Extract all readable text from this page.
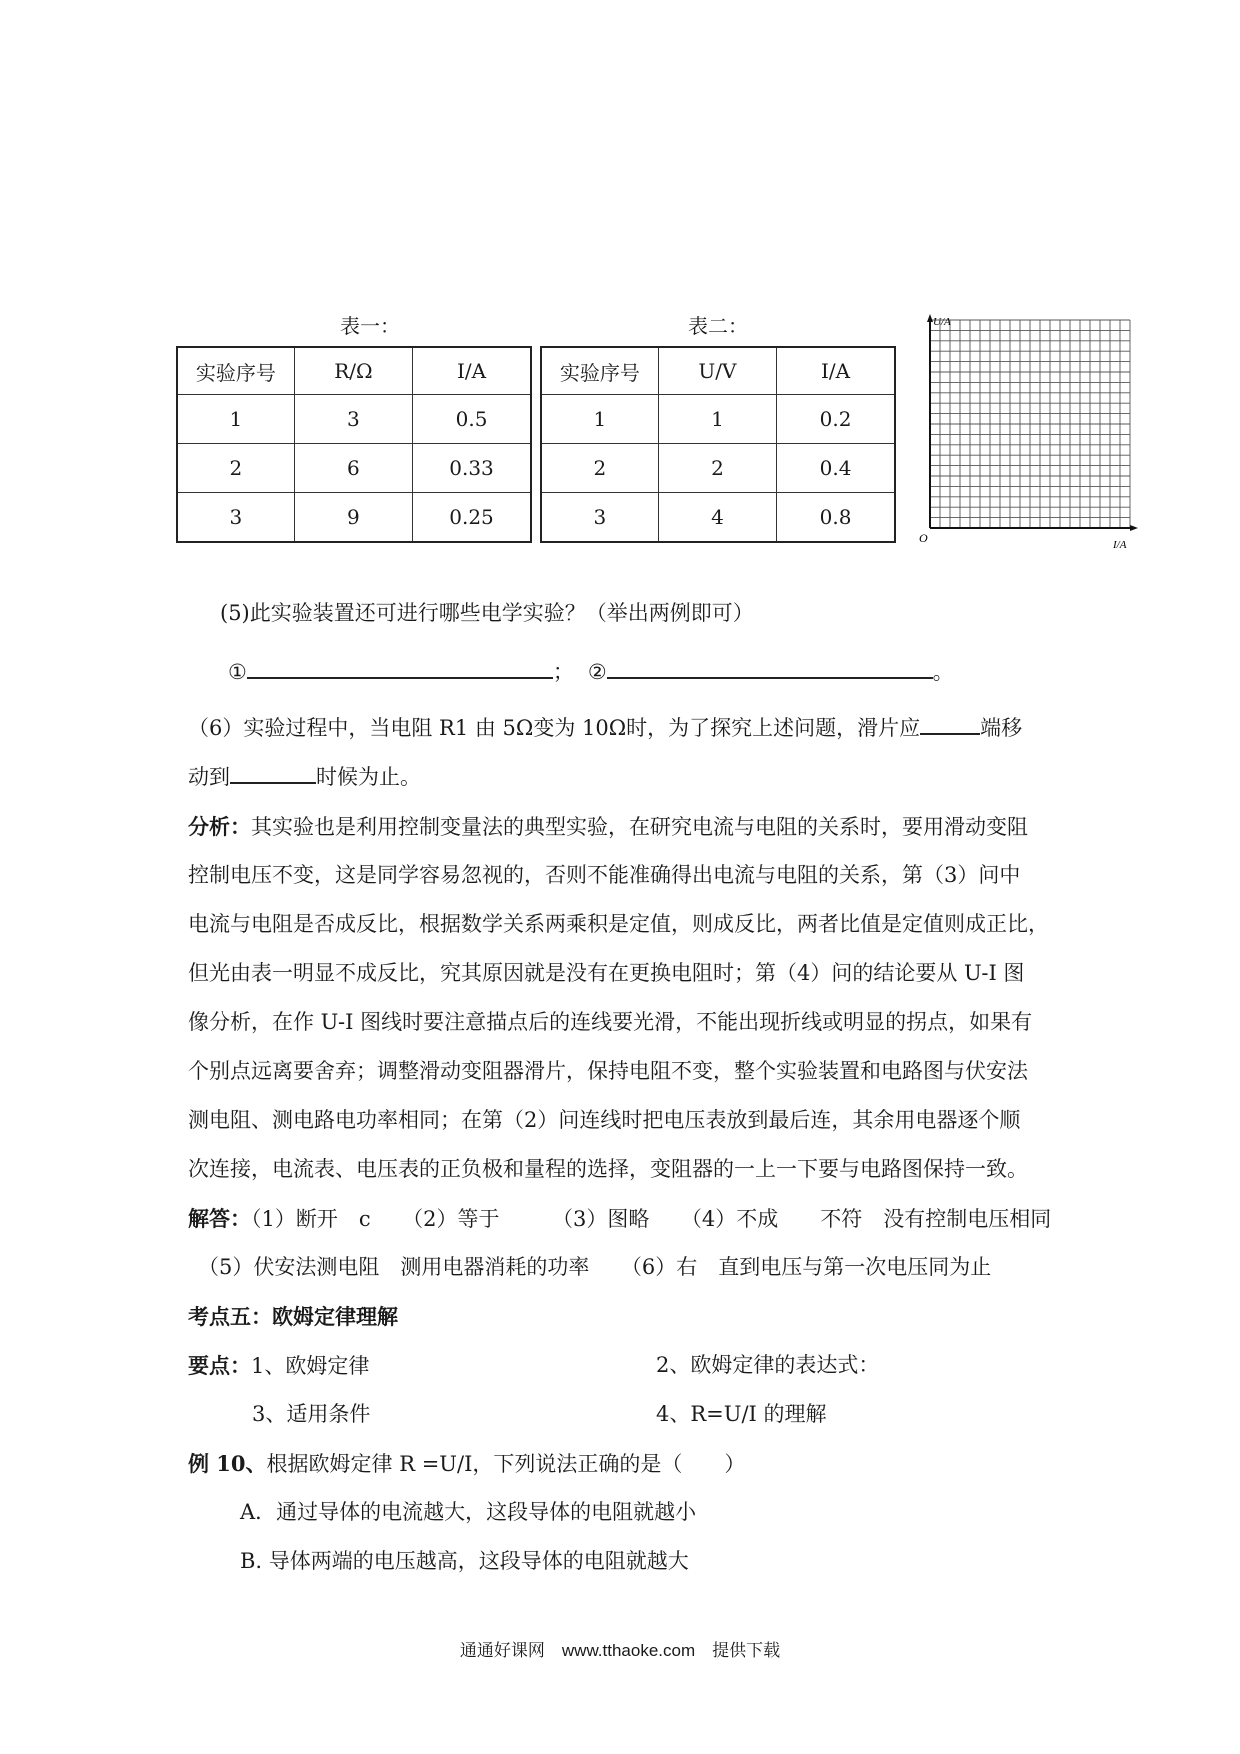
表一：	表二：
实验序号	R/Ω	I/A
1	3	0.5
2	6	0.33
3	9	0.25
实验序号	U/V	I/A
1	1	0.2
2	2	0.4
3	4	0.8
U/A
O	I/A
(5)此实验装置还可进行哪些电学实验？（举出两例即可）
①	； ②	。
（6）实验过程中，当电阻 R1 由 5Ω变为 10Ω时，为了探究上述问题，滑片应	端移
动到	时候为止。
分析：其实验也是利用控制变量法的典型实验，在研究电流与电阻的关系时，要用滑动变阻
控制电压不变，这是同学容易忽视的，否则不能准确得出电流与电阻的关系，第（3）问中
电流与电阻是否成反比，根据数学关系两乘积是定值，则成反比，两者比值是定值则成正比，
但光由表一明显不成反比，究其原因就是没有在更换电阻时；第（4）问的结论要从 U-I 图
像分析，在作 U-I 图线时要注意描点后的连线要光滑，不能出现折线或明显的拐点，如果有
个别点远离要舍弃；调整滑动变阻器滑片，保持电阻不变，整个实验装置和电路图与伏安法
测电阻、测电路电功率相同；在第（2）问连线时把电压表放到最后连，其余用电器逐个顺
次连接，电流表、电压表的正负极和量程的选择，变阻器的一上一下要与电路图保持一致。
解答：（1）断开　c　　（2）等于　　　（3）图略　　（4）不成　　不符　没有控制电压相同
（5）伏安法测电阻　测用电器消耗的功率　　（6）右　直到电压与第一次电压同为止
考点五：欧姆定律理解
要点：1、欧姆定律	2、欧姆定律的表达式：
3、适用条件	4、R=U/I 的理解
例 10、根据欧姆定律 R =U/I，下列说法正确的是（　　）
A．通过导体的电流越大，这段导体的电阻就越小
B. 导体两端的电压越高，这段导体的电阻就越大
通通好课网　www.tthaoke.com　提供下载
